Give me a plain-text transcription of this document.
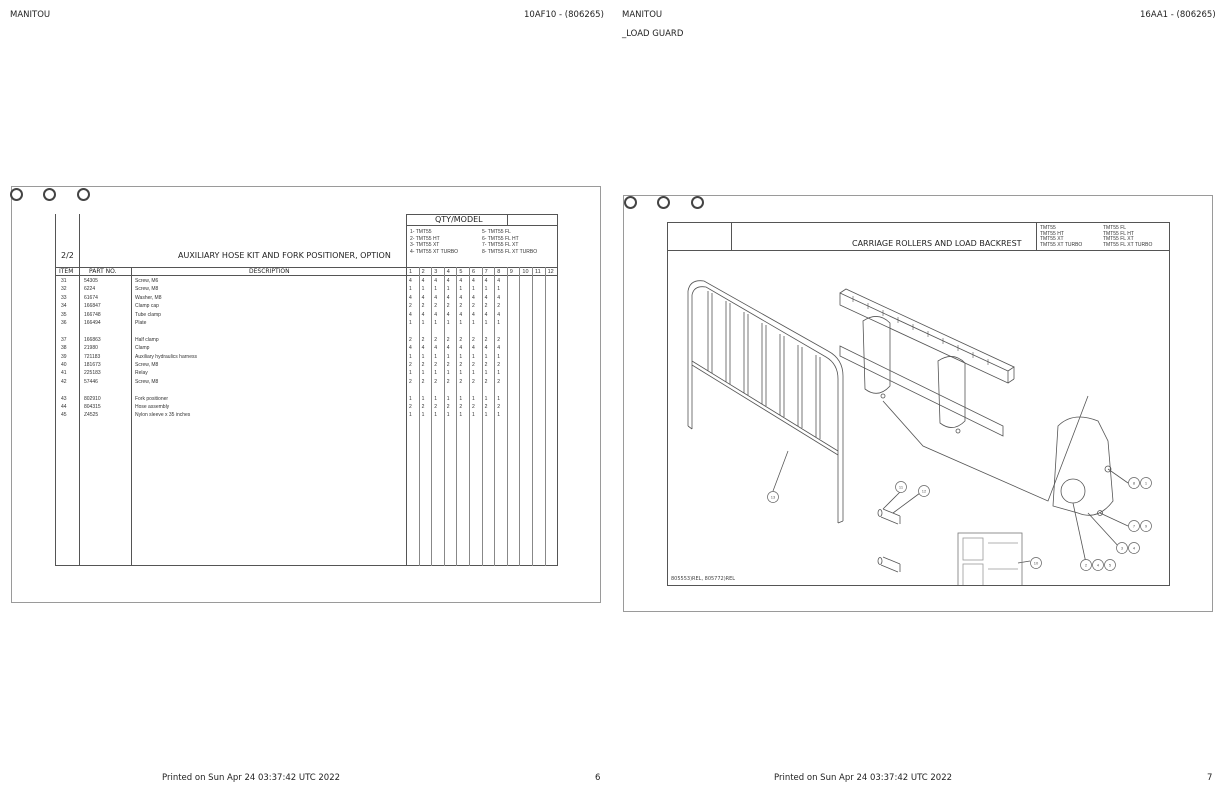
MANITOU	10AF10 - (806265) MANITOU	16AA1 - (806265)
_LOAD GUARD
QTY/MODEL
1- TMT55
2- TMT55 HT
3- TMT55 XT
4- TMT55 XT TURBO
5- TMT55 FL
6- TMT55 FL HT
7- TMT55 FL XT
8- TMT55 FL XT TURBO
2/2	AUXILIARY HOSE KIT AND FORK POSITIONER, OPTION
ITEM	PART NO.	DESCRIPTION	1 2 3 4 5 6 7 8 9 10 11 12
31	54305	Screw, M6	4 4 4 4 4 4 4 4
32	6224	Screw, M8	1 1 1 1 1 1 1 1
33	61674	Washer, M8	4 4 4 4 4 4 4 4
34	166847	Clamp cap	2 2 2 2 2 2 2 2
35	166748	Tube clamp	4 4 4 4 4 4 4 4
36	166494	Plate	1 1 1 1 1 1 1 1
37	166863	Half clamp	2 2 2 2 2 2 2 2
38	21980	Clamp	4 4 4 4 4 4 4 4
39	721183	Auxiliary hydraulics harness	1 1 1 1 1 1 1 1
40	181673	Screw, M8	2 2 2 2 2 2 2 2
41	225183	Relay	1 1 1 1 1 1 1 1
42	57446	Screw, M8	2 2 2 2 2 2 2 2
43	802910	Fork positioner	1 1 1 1 1 1 1 1
44	804315	Hose assembly	2 2 2 2 2 2 2 2
45	Z4525	Nylon sleeve x 35 inches	1 1 1 1 1 1 1 1
CARRIAGE ROLLERS AND LOAD BACKREST
TMT55
TMT55 HT
TMT55 XT
TMT55 XT TURBO
TMT55 FL
TMT55 FL HT
TMT55 FL XT
TMT55 FL XT TURBO
13
11
12
8 1
7 9
3 4
2 4 5
10
805553)REL, 805772)REL
Printed on Sun Apr 24 03:37:42 UTC 2022	6	Printed on Sun Apr 24 03:37:42 UTC 2022	7
